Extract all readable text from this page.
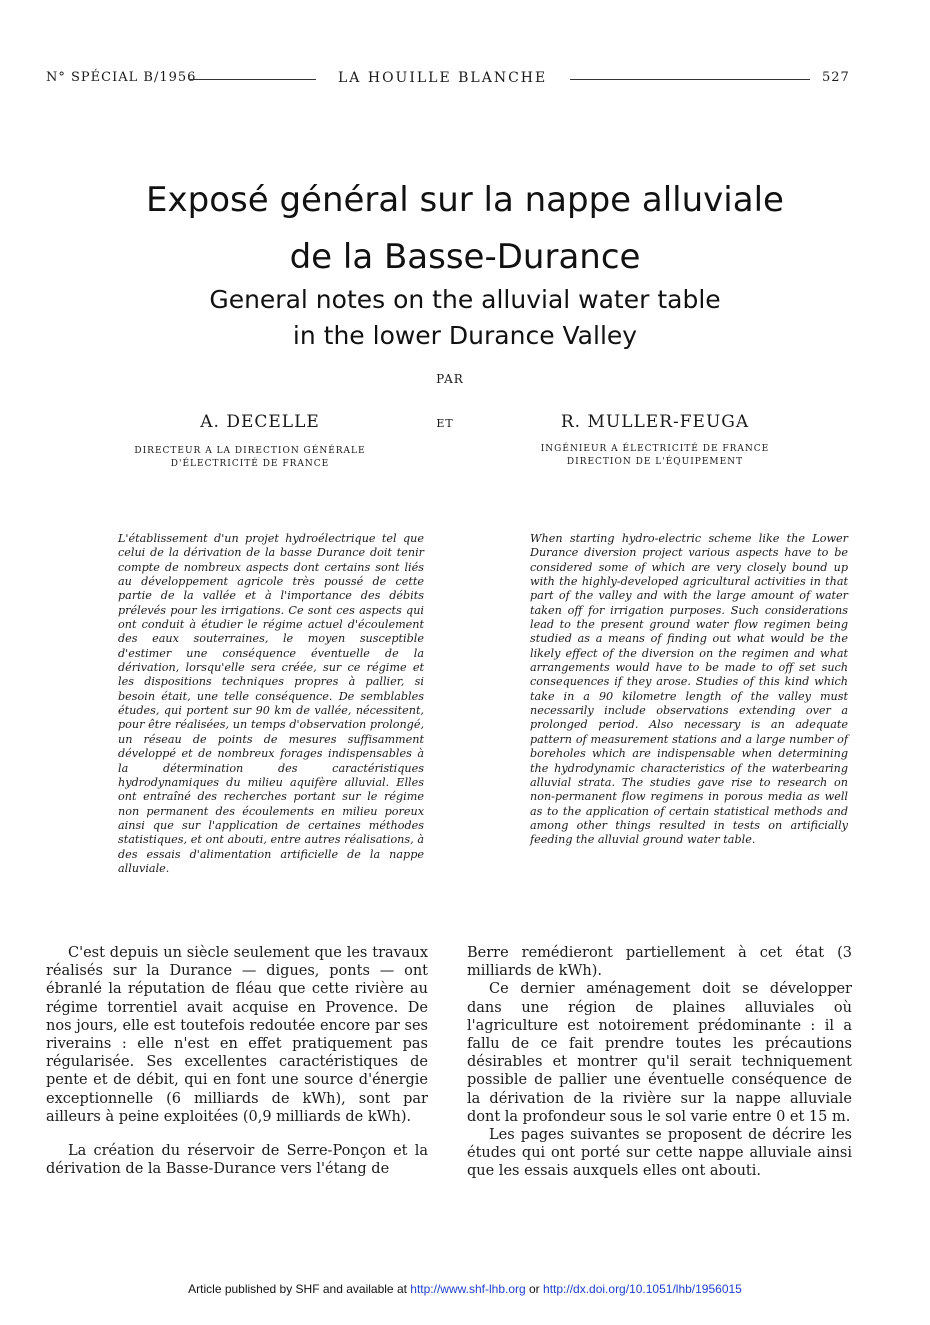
N° SPÉCIAL B/1956	LA HOUILLE BLANCHE	527
Exposé général sur la nappe alluviale
de la Basse-Durance
General notes on the alluvial water table
in the lower Durance Valley
PAR
A. DECELLE	ET	R. MULLER-FEUGA
DIRECTEUR A LA DIRECTION GÉNÉRALE
D'ÉLECTRICITÉ DE FRANCE
INGÉNIEUR A ÉLECTRICITÉ DE FRANCE
DIRECTION DE L'ÉQUIPEMENT
L'établissement d'un projet hydroélectrique tel que celui de la dérivation de la basse Durance doit tenir compte de nombreux aspects dont certains sont liés au développement agricole très poussé de cette partie de la vallée et à l'importance des débits prélevés pour les irrigations. Ce sont ces aspects qui ont conduit à étudier le régime actuel d'écoulement des eaux souterraines, le moyen susceptible d'estimer une conséquence éventuelle de la dérivation, lorsqu'elle sera créée, sur ce régime et les dispositions techniques propres à pallier, si besoin était, une telle conséquence. De semblables études, qui portent sur 90 km de vallée, nécessitent, pour être réalisées, un temps d'observation prolongé, un réseau de points de mesures suffisamment développé et de nombreux forages indispensables à la détermination des caractéristiques hydrodynamiques du milieu aquifère alluvial. Elles ont entraîné des recherches portant sur le régime non permanent des écoulements en milieu poreux ainsi que sur l'application de certaines méthodes statistiques, et ont abouti, entre autres réalisations, à des essais d'alimentation artificielle de la nappe alluviale.
When starting hydro-electric scheme like the Lower Durance diversion project various aspects have to be considered some of which are very closely bound up with the highly-developed agricultural activities in that part of the valley and with the large amount of water taken off for irrigation purposes. Such considerations lead to the present ground water flow regimen being studied as a means of finding out what would be the likely effect of the diversion on the regimen and what arrangements would have to be made to off set such consequences if they arose. Studies of this kind which take in a 90 kilometre length of the valley must necessarily include observations extending over a prolonged period. Also necessary is an adequate pattern of measurement stations and a large number of boreholes which are indispensable when determining the hydrodynamic characteristics of the waterbearing alluvial strata. The studies gave rise to research on non-permanent flow regimens in porous media as well as to the application of certain statistical methods and among other things resulted in tests on artificially feeding the alluvial ground water table.

C'est depuis un siècle seulement que les travaux réalisés sur la Durance — digues, ponts — ont ébranlé la réputation de fléau que cette rivière au régime torrentiel avait acquise en Provence. De nos jours, elle est toutefois redoutée encore par ses riverains : elle n'est en effet pratiquement pas régularisée. Ses excellentes caractéristiques de pente et de débit, qui en font une source d'énergie exceptionnelle (6 milliards de kWh), sont par ailleurs à peine exploitées (0,9 milliards de kWh).

La création du réservoir de Serre-Ponçon et la dérivation de la Basse-Durance vers l'étang de

Berre remédieront partiellement à cet état (3 milliards de kWh).

Ce dernier aménagement doit se développer dans une région de plaines alluviales où l'agriculture est notoirement prédominante : il a fallu de ce fait prendre toutes les précautions désirables et montrer qu'il serait techniquement possible de pallier une éventuelle conséquence de la dérivation de la rivière sur la nappe alluviale dont la profondeur sous le sol varie entre 0 et 15 m.

Les pages suivantes se proposent de décrire les études qui ont porté sur cette nappe alluviale ainsi que les essais auxquels elles ont abouti.

Article published by SHF and available at http://www.shf-lhb.org or http://dx.doi.org/10.1051/lhb/1956015
